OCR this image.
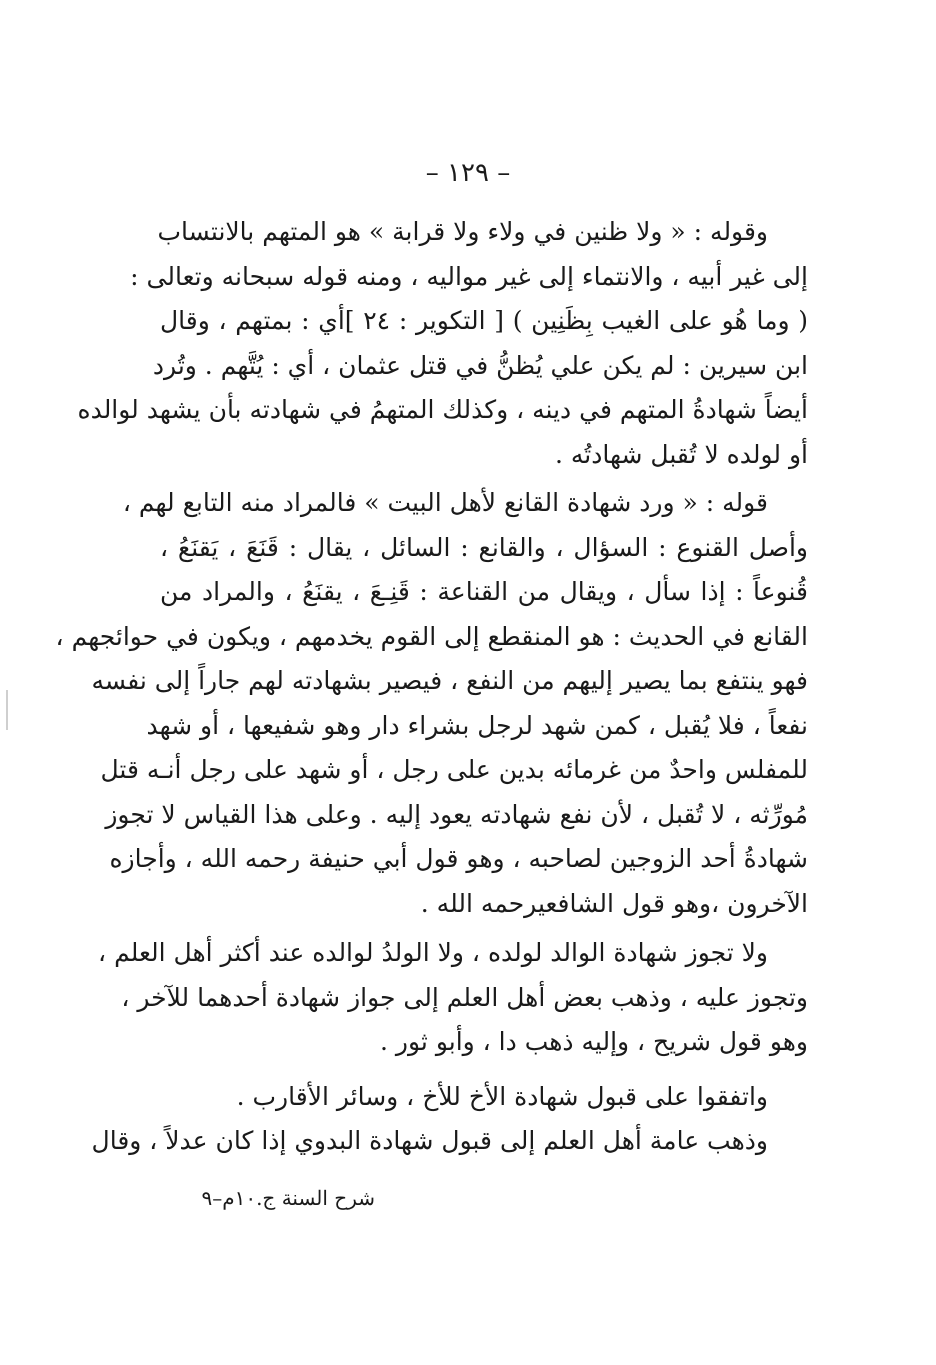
– ١٢٩ –
وقوله : « ولا ظنين في ولاء ولا قرابة » هو المتهم بالانتساب
إلى غير أبيه ، والانتماء إلى غير مواليه ، ومنه قوله سبحانه وتعالى :
( وما هُو على الغيب بِظَنِين ) [ التكوير : ٢٤ ]أي : بمتهم ، وقال
ابن سيرين : لم يكن علي يُظنُّ في قتل عثمان ، أي : يُتَّهم . وتُرد
أيضاً شهادةُ المتهم في دينه ، وكذلك المتهمُ في شهادته بأن يشهد لوالده
أو لولده لا تُقبل شهادتُه .
قوله : « ورد شهادة القانع لأهل البيت » فالمراد منه التابع لهم ،
وأصل القنوع : السؤال ، والقانع : السائل ، يقال : قَنَعَ ، يَقنَعُ ،
قُنوعاً : إذا سأل ، ويقال من القناعة : قَنِـعَ ، يقنَعُ ، والمراد من
القانع في الحديث : هو المنقطع إلى القوم يخدمهم ، ويكون في حوائجهم ،
فهو ينتفع بما يصير إليهم من النفع ، فيصير بشهادته لهم جاراً إلى نفسه
نفعاً ، فلا يُقبل ، كمن شهد لرجل بشراء دار وهو شفيعها ، أو شهد
للمفلس واحدٌ من غرمائه بدين على رجل ، أو شهد على رجل أنـه قتل
مُورِّثه ، لا تُقبل ، لأن نفع شهادته يعود إليه . وعلى هذا القياس لا تجوز
شهادةُ أحد الزوجين لصاحبه ، وهو قول أبي حنيفة رحمه الله ، وأجازه
الآخرون ،وهو قول الشافعيرحمه الله .
ولا تجوز شهادة الوالد لولده ، ولا الولدُ لوالده عند أكثر أهل العلم ،
وتجوز عليه ، وذهب بعض أهل العلم إلى جواز شهادة أحدهما للآخر ،
وهو قول شريح ، وإليه ذهب دا‍ ، وأبو ثور .
واتفقوا على قبول شهادة الأخ للأخ ، وسائر الأقارب .
وذهب عامة أهل العلم إلى قبول شهادة البدوي إذا كان عدلاً ، وقال
شرح السنة ج.١٠م–٩
